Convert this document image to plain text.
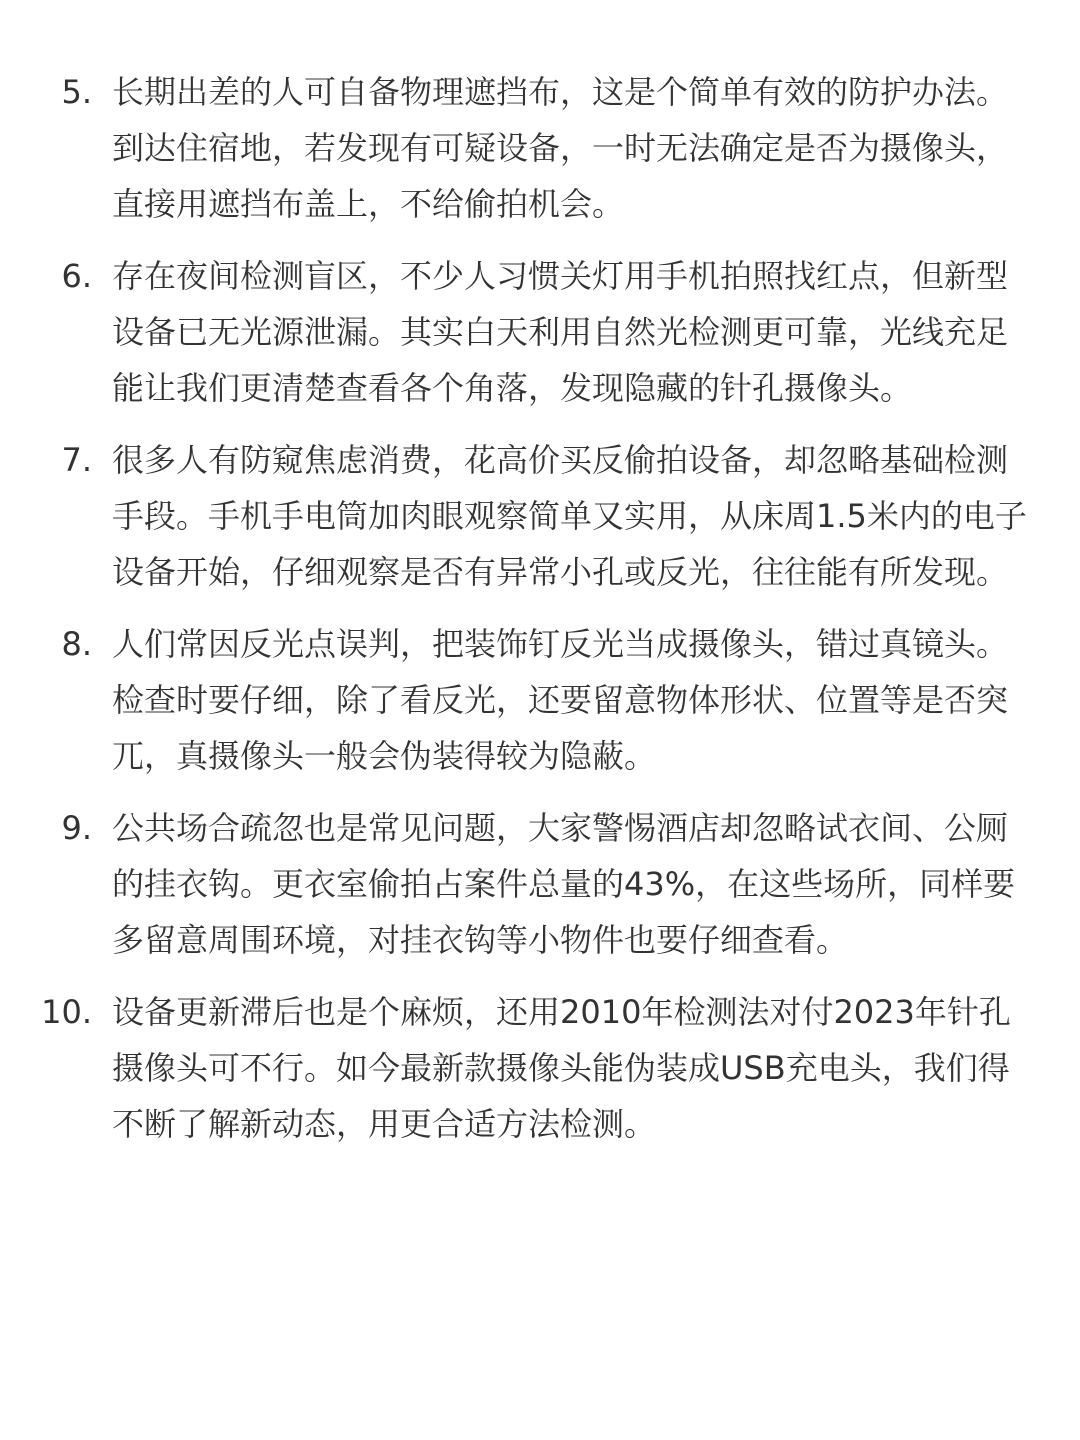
5. 长期出差的人可自备物理遮挡布，这是个简单有效的防护办法。
到达住宿地，若发现有可疑设备，一时无法确定是否为摄像头，
直接用遮挡布盖上，不给偷拍机会。
6. 存在夜间检测盲区，不少人习惯关灯用手机拍照找红点，但新型
设备已无光源泄漏。其实白天利用自然光检测更可靠，光线充足
能让我们更清楚查看各个角落，发现隐藏的针孔摄像头。
7. 很多人有防窥焦虑消费，花高价买反偷拍设备，却忽略基础检测
手段。手机手电筒加肉眼观察简单又实用，从床周1.5米内的电子
设备开始，仔细观察是否有异常小孔或反光，往往能有所发现。
8. 人们常因反光点误判，把装饰钉反光当成摄像头，错过真镜头。
检查时要仔细，除了看反光，还要留意物体形状、位置等是否突
兀，真摄像头一般会伪装得较为隐蔽。
9. 公共场合疏忽也是常见问题，大家警惕酒店却忽略试衣间、公厕
的挂衣钩。更衣室偷拍占案件总量的43%，在这些场所，同样要
多留意周围环境，对挂衣钩等小物件也要仔细查看。
10. 设备更新滞后也是个麻烦，还用2010年检测法对付2023年针孔
摄像头可不行。如今最新款摄像头能伪装成USB充电头，我们得
不断了解新动态，用更合适方法检测。
